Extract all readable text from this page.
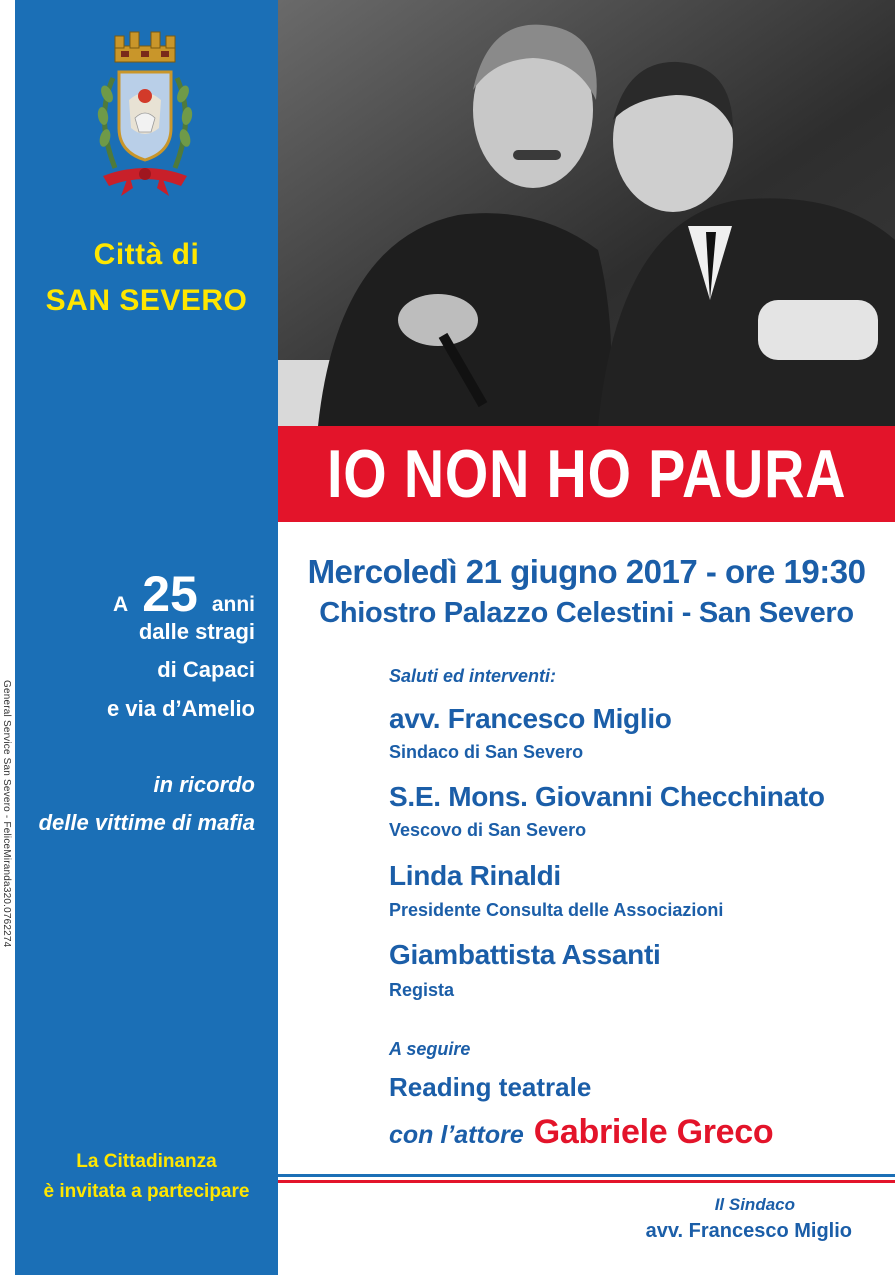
General Service San Severo - FeliceMiranda320.0762274
Città di
SAN SEVERO
A 25 anni
dalle stragi
di Capaci
e via d’Amelio
in ricordo
delle vittime di mafia
La Cittadinanza
è invitata a partecipare
IO NON HO PAURA
Mercoledì 21 giugno 2017 - ore 19:30
Chiostro Palazzo Celestini - San Severo
Saluti ed interventi:
avv. Francesco Miglio
Sindaco di San Severo
S.E. Mons. Giovanni Checchinato
Vescovo di San Severo
Linda Rinaldi
Presidente Consulta delle Associazioni
Giambattista Assanti
Regista
A seguire
Reading teatrale
con l’attore Gabriele Greco
Il Sindaco
avv. Francesco Miglio
